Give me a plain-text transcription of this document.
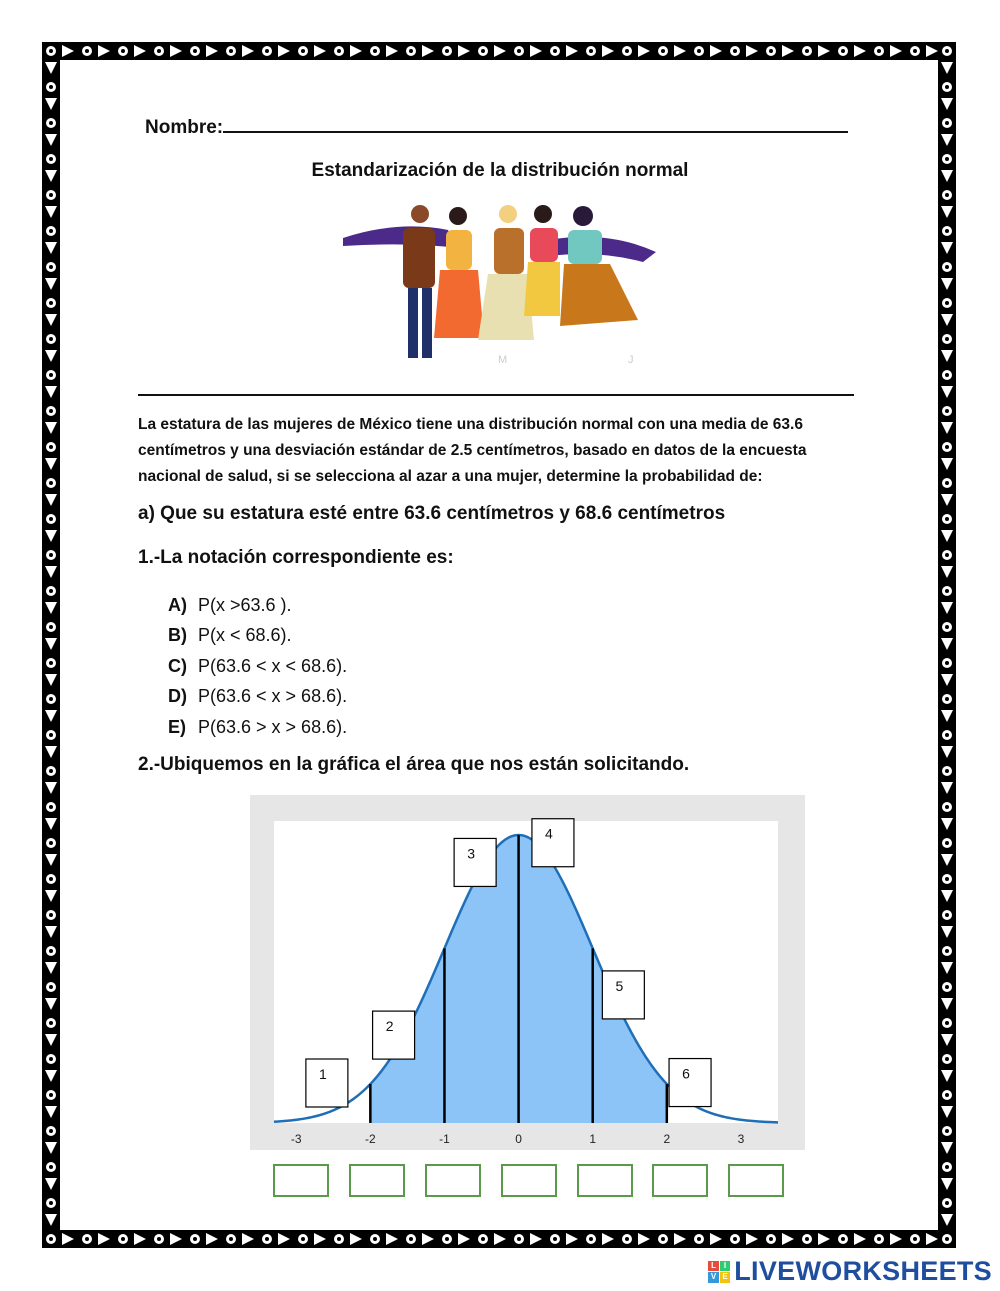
Nombre:
Estandarización de la distribución normal
M	J
La estatura de las mujeres de México tiene una distribución normal con una media de 63.6 centímetros y una desviación estándar de 2.5 centímetros, basado en datos de la encuesta nacional de salud, si se selecciona al azar a una mujer, determine la probabilidad de:
a) Que su estatura esté entre 63.6 centímetros y 68.6 centímetros
1.-La notación correspondiente es:
A) P(x >63.6 ).
B) P(x < 68.6).
C) P(63.6 < x < 68.6).
D) P(63.6 < x > 68.6).
E) P(63.6 > x > 68.6).
2.-Ubiquemos en la gráfica el área que nos están solicitando.
-3	-2	-1	0	1	2	3
1
2
3
4
5
6
L I
V E LIVEWORKSHEETS
